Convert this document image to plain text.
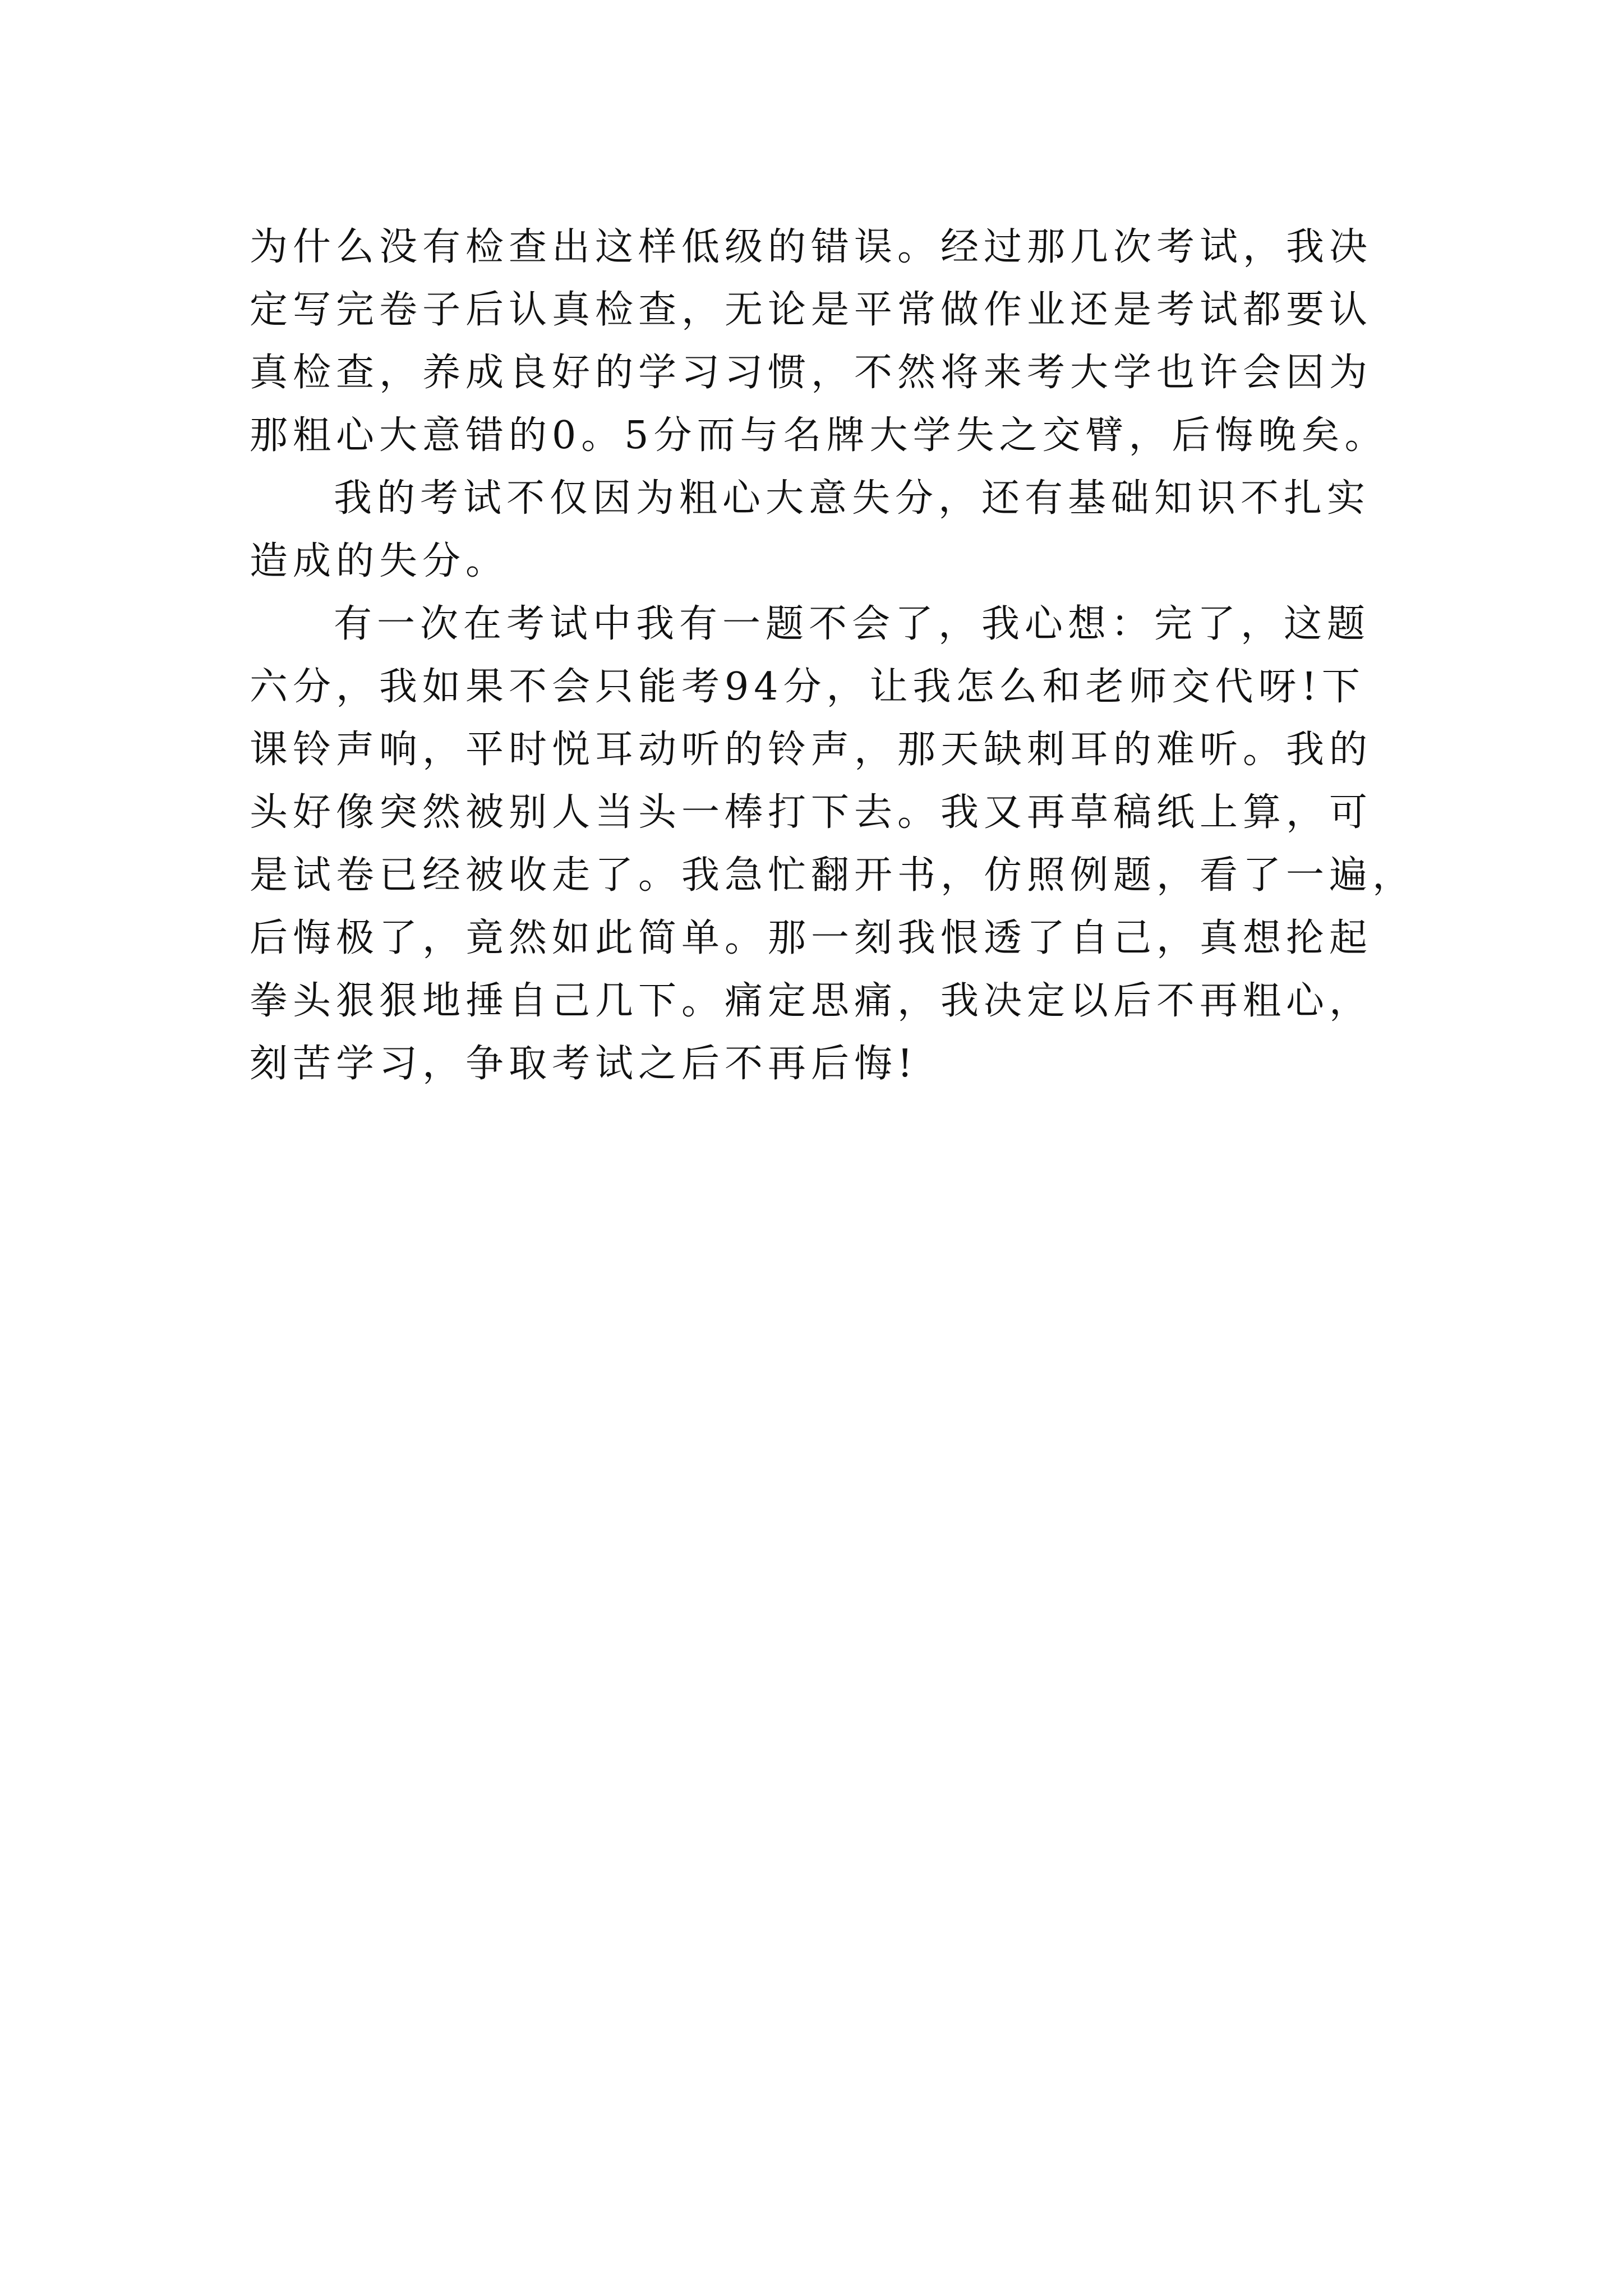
为什么没有检查出这样低级的错误。经过那几次考试，我决
定写完卷子后认真检查，无论是平常做作业还是考试都要认
真检查，养成良好的学习习惯，不然将来考大学也许会因为
那粗心大意错的0。5分而与名牌大学失之交臂，后悔晚矣。
我的考试不仅因为粗心大意失分，还有基础知识不扎实
造成的失分。
有一次在考试中我有一题不会了，我心想：完了，这题
六分，我如果不会只能考94分，让我怎么和老师交代呀!下
课铃声响，平时悦耳动听的铃声，那天缺刺耳的难听。我的
头好像突然被别人当头一棒打下去。我又再草稿纸上算，可
是试卷已经被收走了。我急忙翻开书，仿照例题，看了一遍，
后悔极了，竟然如此简单。那一刻我恨透了自己，真想抡起
拳头狠狠地捶自己几下。痛定思痛，我决定以后不再粗心，
刻苦学习，争取考试之后不再后悔!
